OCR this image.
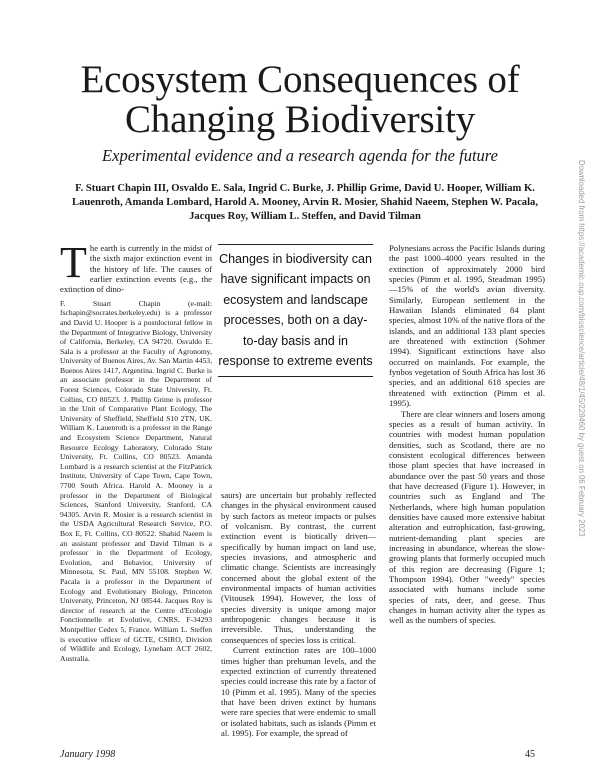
Ecosystem Consequences of
Changing Biodiversity
Experimental evidence and a research agenda for the future
F. Stuart Chapin III, Osvaldo E. Sala, Ingrid C. Burke, J. Phillip Grime, David U. Hooper, William K. Lauenroth, Amanda Lombard, Harold A. Mooney, Arvin R. Mosier, Shahid Naeem, Stephen W. Pacala, Jacques Roy, William L. Steffen, and David Tilman

The earth is currently in the midst of the sixth major extinction event in the history of life. The causes of earlier extinction events (e.g., the extinction of dino-

F. Stuart Chapin (e-mail: fschapin@socrates.berkeley.edu) is a professor and David U. Hooper is a postdoctoral fellow in the Department of Integrative Biology, University of California, Berkeley, CA 94720. Osvaldo E. Sala is a professor at the Faculty of Agronomy, University of Buenos Aires, Av. San Martin 4453, Buenos Aires 1417, Argentina. Ingrid C. Burke is an associate professor in the Department of Forest Sciences, Colorado State University, Ft. Collins, CO 80523. J. Phillip Grime is professor in the Unit of Comparative Plant Ecology, The University of Sheffield, Sheffield S10 2TN, UK. William K. Lauenroth is a professor in the Range and Ecosystem Science Department, Natural Resource Ecology Laboratory, Colorado State University, Ft. Collins, CO 80523. Amanda Lombard is a research scientist at the FitzPatrick Institute, University of Cape Town, Cape Town, 7700 South Africa. Harold A. Mooney is a professor in the Department of Biological Sciences, Stanford University, Stanford, CA 94305. Arvin R. Mosier is a research scientist in the USDA Agricultural Research Service, P.O. Box E, Ft. Collins, CO 80522. Shahid Naeem is an assistant professor and David Tilman is a professor in the Department of Ecology, Evolution, and Behavior, University of Minnesota, St. Paul, MN 55108. Stephen W. Pacala is a professor in the Department of Ecology and Evolutionary Biology, Princeton University, Princeton, NJ 08544. Jacques Roy is director of research at the Centre d'Ecologie Fonctionnelle et Evolutive, CNRS, F-34293 Montpellier Cedex 5, France. William L. Steffen is executive officer of GCTE, CSIRO, Division of Wildlife and Ecology, Lyneham ACT 2602, Australia.

Changes in biodiversity can have significant impacts on ecosystem and landscape processes, both on a day-to-day basis and in response to extreme events

saurs) are uncertain but probably reflected changes in the physical environment caused by such factors as meteor impacts or pulses of volcanism. By contrast, the current extinction event is biotically driven—specifically by human impact on land use, species invasions, and atmospheric and climatic change. Scientists are increasingly concerned about the global extent of the environmental impacts of human activities (Vitousek 1994). However, the loss of species diversity is unique among major anthropogenic changes because it is irreversible. Thus, understanding the consequences of species loss is critical.

Current extinction rates are 100–1000 times higher than prehuman levels, and the expected extinction of currently threatened species could increase this rate by a factor of 10 (Pimm et al. 1995). Many of the species that have been driven extinct by humans were rare species that were endemic to small or isolated habitats, such as islands (Pimm et al. 1995). For example, the spread of

Polynesians across the Pacific Islands during the past 1000–4000 years resulted in the extinction of approximately 2000 bird species (Pimm et al. 1995, Steadman 1995)—15% of the world's avian diversity. Similarly, European settlement in the Hawaiian Islands eliminated 84 plant species, almost 10% of the native flora of the islands, and an additional 133 plant species are threatened with extinction (Sohmer 1994). Significant extinctions have also occurred on mainlands. For example, the fynbos vegetation of South Africa has lost 36 species, and an additional 618 species are threatened with extinction (Pimm et al. 1995).

There are clear winners and losers among species as a result of human activity. In countries with modest human population densities, such as Scotland, there are no consistent ecological differences between those plant species that have increased in abundance over the past 50 years and those that have decreased (Figure 1). However, in countries such as England and The Netherlands, where high human population densities have caused more extensive habitat alteration and eutrophication, fast-growing, nutrient-demanding plant species are increasing in abundance, whereas the slow-growing plants that formerly occupied much of this region are decreasing (Figure 1; Thompson 1994). Other "weedy" species associated with humans include some species of rats, deer, and geese. Thus changes in human activity alter the types as well as the numbers of species.

January 1998	45
Downloaded from https://academic.oup.com/bioscience/article/48/1/45/228460 by guest on 06 February 2023
